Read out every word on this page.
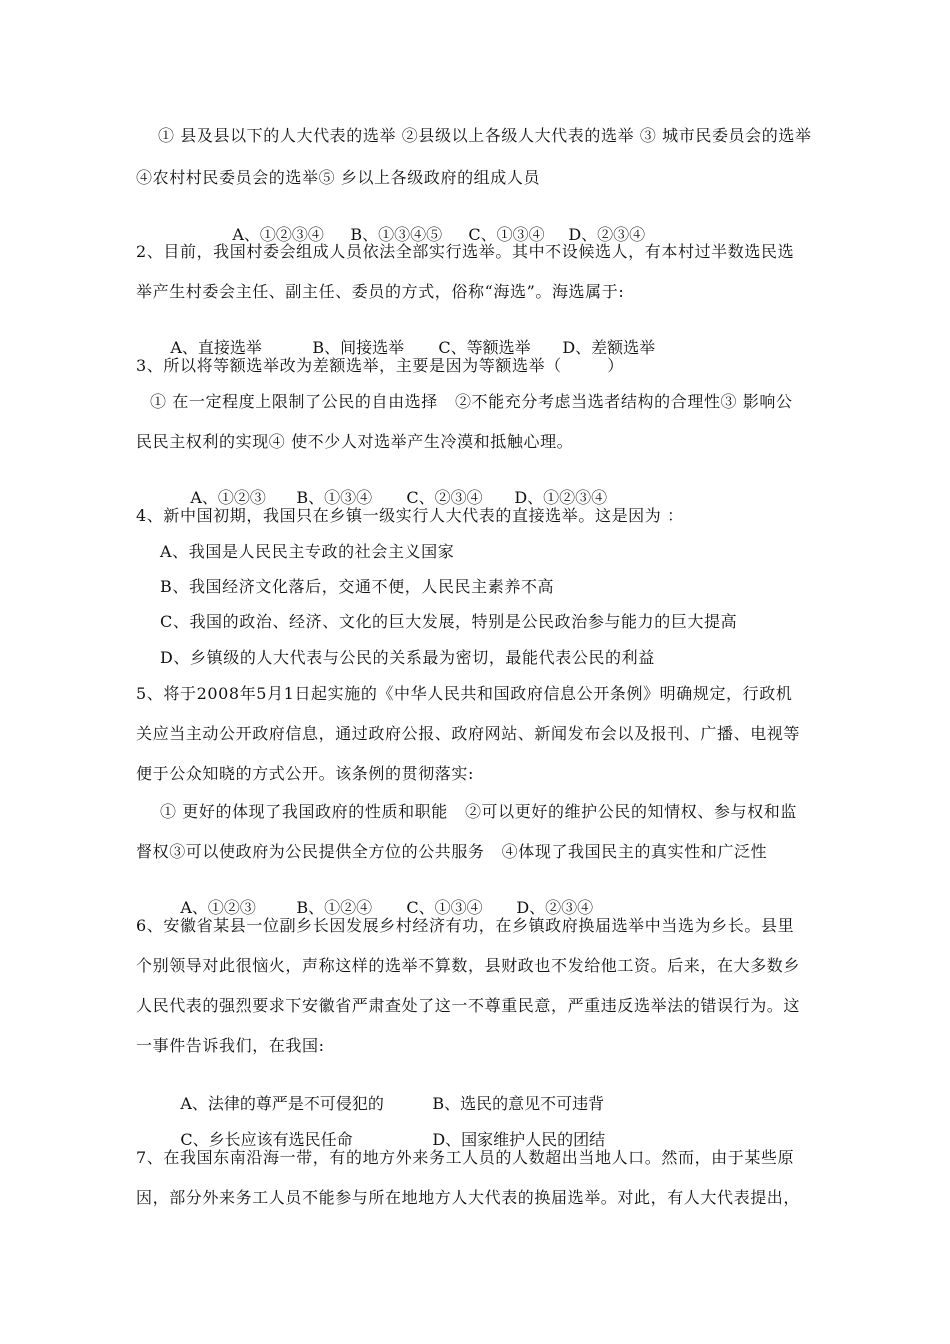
① 县及县以下的人大代表的选举 ②县级以上各级人大代表的选举 ③ 城市民委员会的选举
④农村村民委员会的选举⑤ 乡以上各级政府的组成人员

A、①②③④ B、①③④⑤ C、①③④ D、②③④

2、目前，我国村委会组成人员依法全部实行选举。其中不设候选人，有本村过半数选民选
举产生村委会主任、副主任、委员的方式，俗称“海选”。海选属于:

A、直接选举	B、间接选举 C、等额选举 D、差额选举

3、所以将等额选举改为差额选举，主要是因为等额选举（        ）
① 在一定程度上限制了公民的自由选择   ②不能充分考虑当选者结构的合理性③ 影响公
民民主权利的实现④ 使不少人对选举产生冷漠和抵触心理。

A、①②③ B、①③④ C、②③④ D、①②③④

4、新中国初期，我国只在乡镇一级实行人大代表的直接选举。这是因为 ：
A、我国是人民民主专政的社会主义国家
B、我国经济文化落后，交通不便，人民民主素养不高
C、我国的政治、经济、文化的巨大发展，特别是公民政治参与能力的巨大提高
D、乡镇级的人大代表与公民的关系最为密切，最能代表公民的利益
5、将于2008年5月1日起实施的《中华人民共和国政府信息公开条例》明确规定，行政机
关应当主动公开政府信息，通过政府公报、政府网站、新闻发布会以及报刊、广播、电视等
便于公众知晓的方式公开。该条例的贯彻落实:
① 更好的体现了我国政府的性质和职能   ②可以更好的维护公民的知情权、参与权和监
督权③可以使政府为公民提供全方位的公共服务   ④体现了我国民主的真实性和广泛性

A、①②③	B、①②④ C、①③④ D、②③④

6、安徽省某县一位副乡长因发展乡村经济有功，在乡镇政府换届选举中当选为乡长。县里
个别领导对此很恼火，声称这样的选举不算数，县财政也不发给他工资。后来，在大多数乡
人民代表的强烈要求下安徽省严肃查处了这一不尊重民意，严重违反选举法的错误行为。这
一事件告诉我们，在我国:

A、法律的尊严是不可侵犯的	B、选民的意见不可违背

C、乡长应该有选民任命	D、国家维护人民的团结

7、在我国东南沿海一带，有的地方外来务工人员的人数超出当地人口。然而，由于某些原
因，部分外来务工人员不能参与所在地地方人大代表的换届选举。对此，有人大代表提出，
